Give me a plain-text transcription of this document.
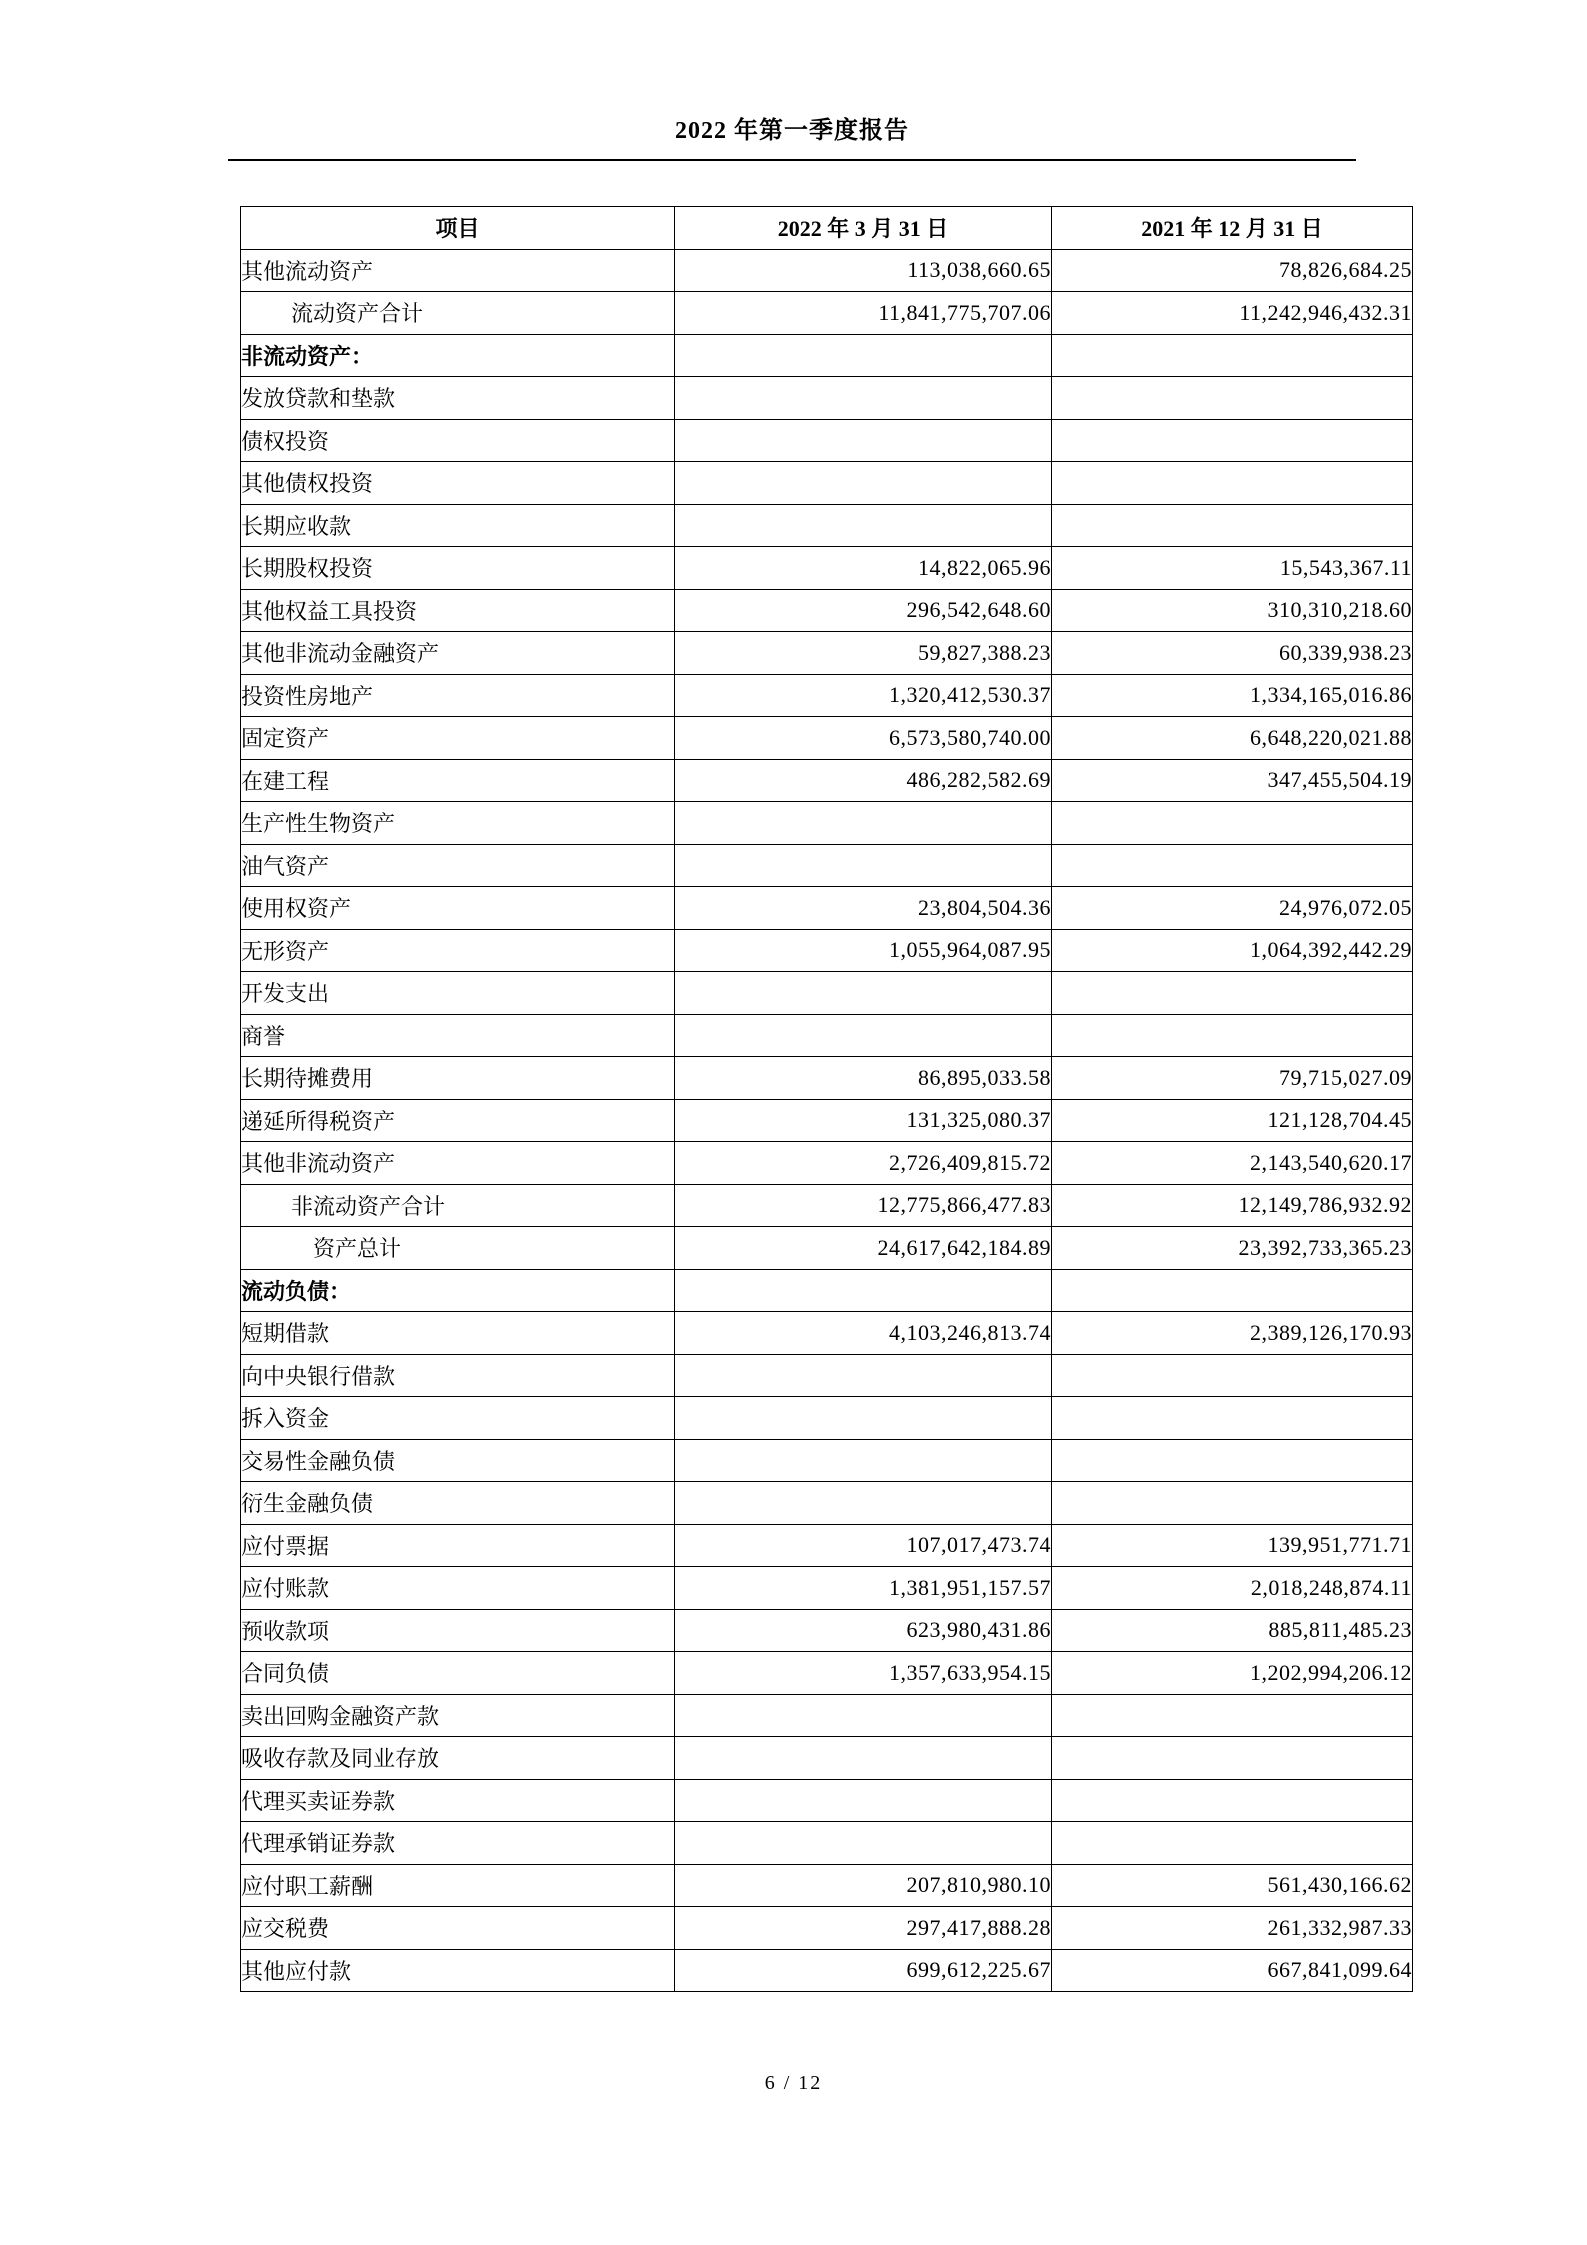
2022 年第一季度报告
项目	2022 年 3 月 31 日	2021 年 12 月 31 日
其他流动资产	113,038,660.65	78,826,684.25
流动资产合计	11,841,775,707.06	11,242,946,432.31
非流动资产：		
发放贷款和垫款		
债权投资		
其他债权投资		
长期应收款		
长期股权投资	14,822,065.96	15,543,367.11
其他权益工具投资	296,542,648.60	310,310,218.60
其他非流动金融资产	59,827,388.23	60,339,938.23
投资性房地产	1,320,412,530.37	1,334,165,016.86
固定资产	6,573,580,740.00	6,648,220,021.88
在建工程	486,282,582.69	347,455,504.19
生产性生物资产		
油气资产		
使用权资产	23,804,504.36	24,976,072.05
无形资产	1,055,964,087.95	1,064,392,442.29
开发支出		
商誉		
长期待摊费用	86,895,033.58	79,715,027.09
递延所得税资产	131,325,080.37	121,128,704.45
其他非流动资产	2,726,409,815.72	2,143,540,620.17
非流动资产合计	12,775,866,477.83	12,149,786,932.92
资产总计	24,617,642,184.89	23,392,733,365.23
流动负债：		
短期借款	4,103,246,813.74	2,389,126,170.93
向中央银行借款		
拆入资金		
交易性金融负债		
衍生金融负债		
应付票据	107,017,473.74	139,951,771.71
应付账款	1,381,951,157.57	2,018,248,874.11
预收款项	623,980,431.86	885,811,485.23
合同负债	1,357,633,954.15	1,202,994,206.12
卖出回购金融资产款		
吸收存款及同业存放		
代理买卖证券款		
代理承销证券款		
应付职工薪酬	207,810,980.10	561,430,166.62
应交税费	297,417,888.28	261,332,987.33
其他应付款	699,612,225.67	667,841,099.64
6 / 12
